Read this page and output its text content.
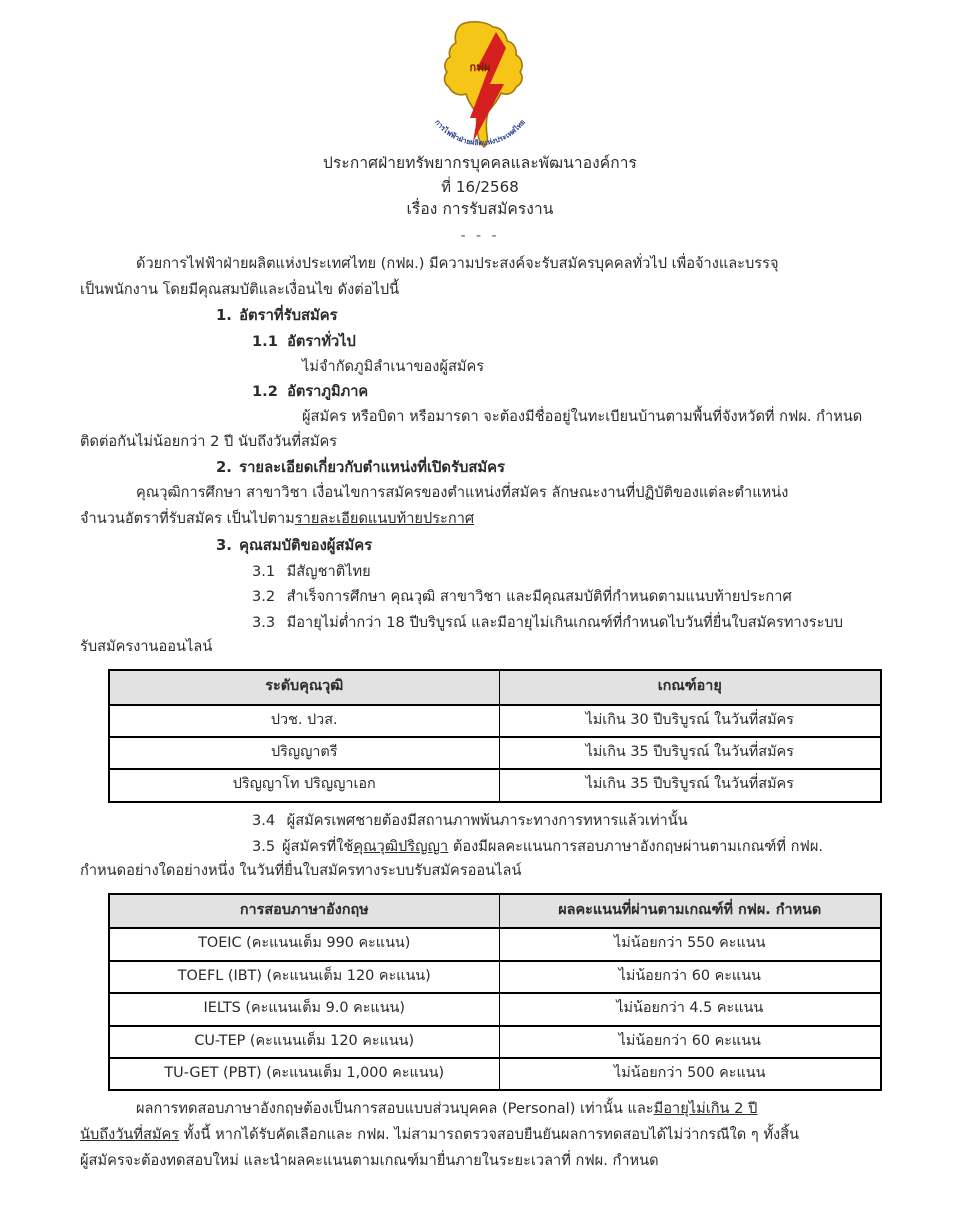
กฟผ
การไฟฟ้าฝ่ายผลิตแห่งประเทศไทย
ประกาศฝ่ายทรัพยากรบุคคลและพัฒนาองค์การ
ที่ 16/2568
เรื่อง การรับสมัครงาน
- - -

ด้วยการไฟฟ้าฝ่ายผลิตแห่งประเทศไทย (กฟผ.) มีความประสงค์จะรับสมัครบุคคลทั่วไป เพื่อจ้างและบรรจุ

เป็นพนักงาน โดยมีคุณสมบัติและเงื่อนไข ดังต่อไปนี้

1. อัตราที่รับสมัคร
1.1 อัตราทั่วไป
ไม่จำกัดภูมิลำเนาของผู้สมัคร
1.2 อัตราภูมิภาค
ผู้สมัคร หรือบิดา หรือมารดา จะต้องมีชื่ออยู่ในทะเบียนบ้านตามพื้นที่จังหวัดที่ กฟผ. กำหนด
ติดต่อกันไม่น้อยกว่า 2 ปี นับถึงวันที่สมัคร
2. รายละเอียดเกี่ยวกับตำแหน่งที่เปิดรับสมัคร

คุณวุฒิการศึกษา สาขาวิชา เงื่อนไขการสมัครของตำแหน่งที่สมัคร ลักษณะงานที่ปฏิบัติของแต่ละตำแหน่ง

จำนวนอัตราที่รับสมัคร เป็นไปตามรายละเอียดแนบท้ายประกาศ

3. คุณสมบัติของผู้สมัคร
3.1 มีสัญชาติไทย
3.2 สำเร็จการศึกษา คุณวุฒิ สาขาวิชา และมีคุณสมบัติที่กำหนดตามแนบท้ายประกาศ
3.3 มีอายุไม่ต่ำกว่า 18 ปีบริบูรณ์ และมีอายุไม่เกินเกณฑ์ที่กำหนดไบวันที่ยื่นใบสมัครทางระบบ
รับสมัครงานออนไลน์
ระดับคุณวุฒิ	เกณฑ์อายุ
ปวช. ปวส.	ไม่เกิน 30 ปีบริบูรณ์ ในวันที่สมัคร
ปริญญาตรี	ไม่เกิน 35 ปีบริบูรณ์ ในวันที่สมัคร
ปริญญาโท ปริญญาเอก	ไม่เกิน 35 ปีบริบูรณ์ ในวันที่สมัคร
3.4 ผู้สมัครเพศชายต้องมีสถานภาพพ้นภาระทางการทหารแล้วเท่านั้น
3.5 ผู้สมัครที่ใช้คุณวุฒิปริญญา ต้องมีผลคะแนนการสอบภาษาอังกฤษผ่านตามเกณฑ์ที่ กฟผ.
กำหนดอย่างใดอย่างหนึ่ง ในวันที่ยื่นใบสมัครทางระบบรับสมัครออนไลน์
การสอบภาษาอังกฤษ	ผลคะแนนที่ผ่านตามเกณฑ์ที่ กฟผ. กำหนด
TOEIC (คะแนนเต็ม 990 คะแนน)	ไม่น้อยกว่า 550 คะแนน
TOEFL (IBT) (คะแนนเต็ม 120 คะแนน)	ไม่น้อยกว่า 60 คะแนน
IELTS (คะแนนเต็ม 9.0 คะแนน)	ไม่น้อยกว่า 4.5 คะแนน
CU-TEP (คะแนนเต็ม 120 คะแนน)	ไม่น้อยกว่า 60 คะแนน
TU-GET (PBT) (คะแนนเต็ม 1,000 คะแนน)	ไม่น้อยกว่า 500 คะแนน

ผลการทดสอบภาษาอังกฤษต้องเป็นการสอบแบบส่วนบุคคล (Personal) เท่านั้น และมีอายุไม่เกิน 2 ปี

นับถึงวันที่สมัคร ทั้งนี้ หากได้รับคัดเลือกและ กฟผ. ไม่สามารถตรวจสอบยืนยันผลการทดสอบได้ไม่ว่ากรณีใด ๆ ทั้งสิ้น

ผู้สมัครจะต้องทดสอบใหม่ และนำผลคะแนนตามเกณฑ์มายื่นภายในระยะเวลาที่ กฟผ. กำหนด
